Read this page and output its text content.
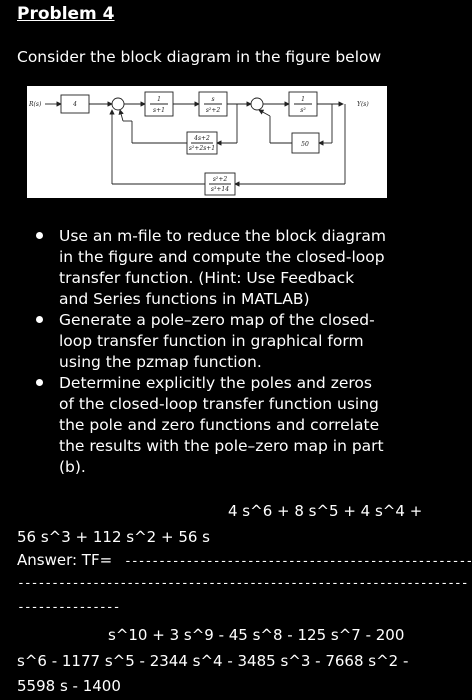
Problem 4
Consider the block diagram in the figure below
R(s)	Y(s)
4
1
s+1
s
s²+2
1
s²
4s+2
s²+2s+1
50
s²+2
s³+14
Use an m-file to reduce the block diagram in the figure and compute the closed-loop transfer function. (Hint: Use Feedback and Series functions in MATLAB)
Generate a pole–zero map of the closed-loop transfer function in graphical form using the pzmap function.
Determine explicitly the poles and zeros of the closed-loop transfer function using the pole and zero functions and correlate the results with the pole–zero map in part (b).
4 s^6 + 8 s^5 + 4 s^4 +
56 s^3 + 112 s^2 + 56 s
Answer: TF= ---------------------------------------------------
------------------------------------------------------------------
---------------
s^10 + 3 s^9 - 45 s^8 - 125 s^7 - 200
s^6 - 1177 s^5 - 2344 s^4 - 3485 s^3 - 7668 s^2 -
5598 s - 1400
